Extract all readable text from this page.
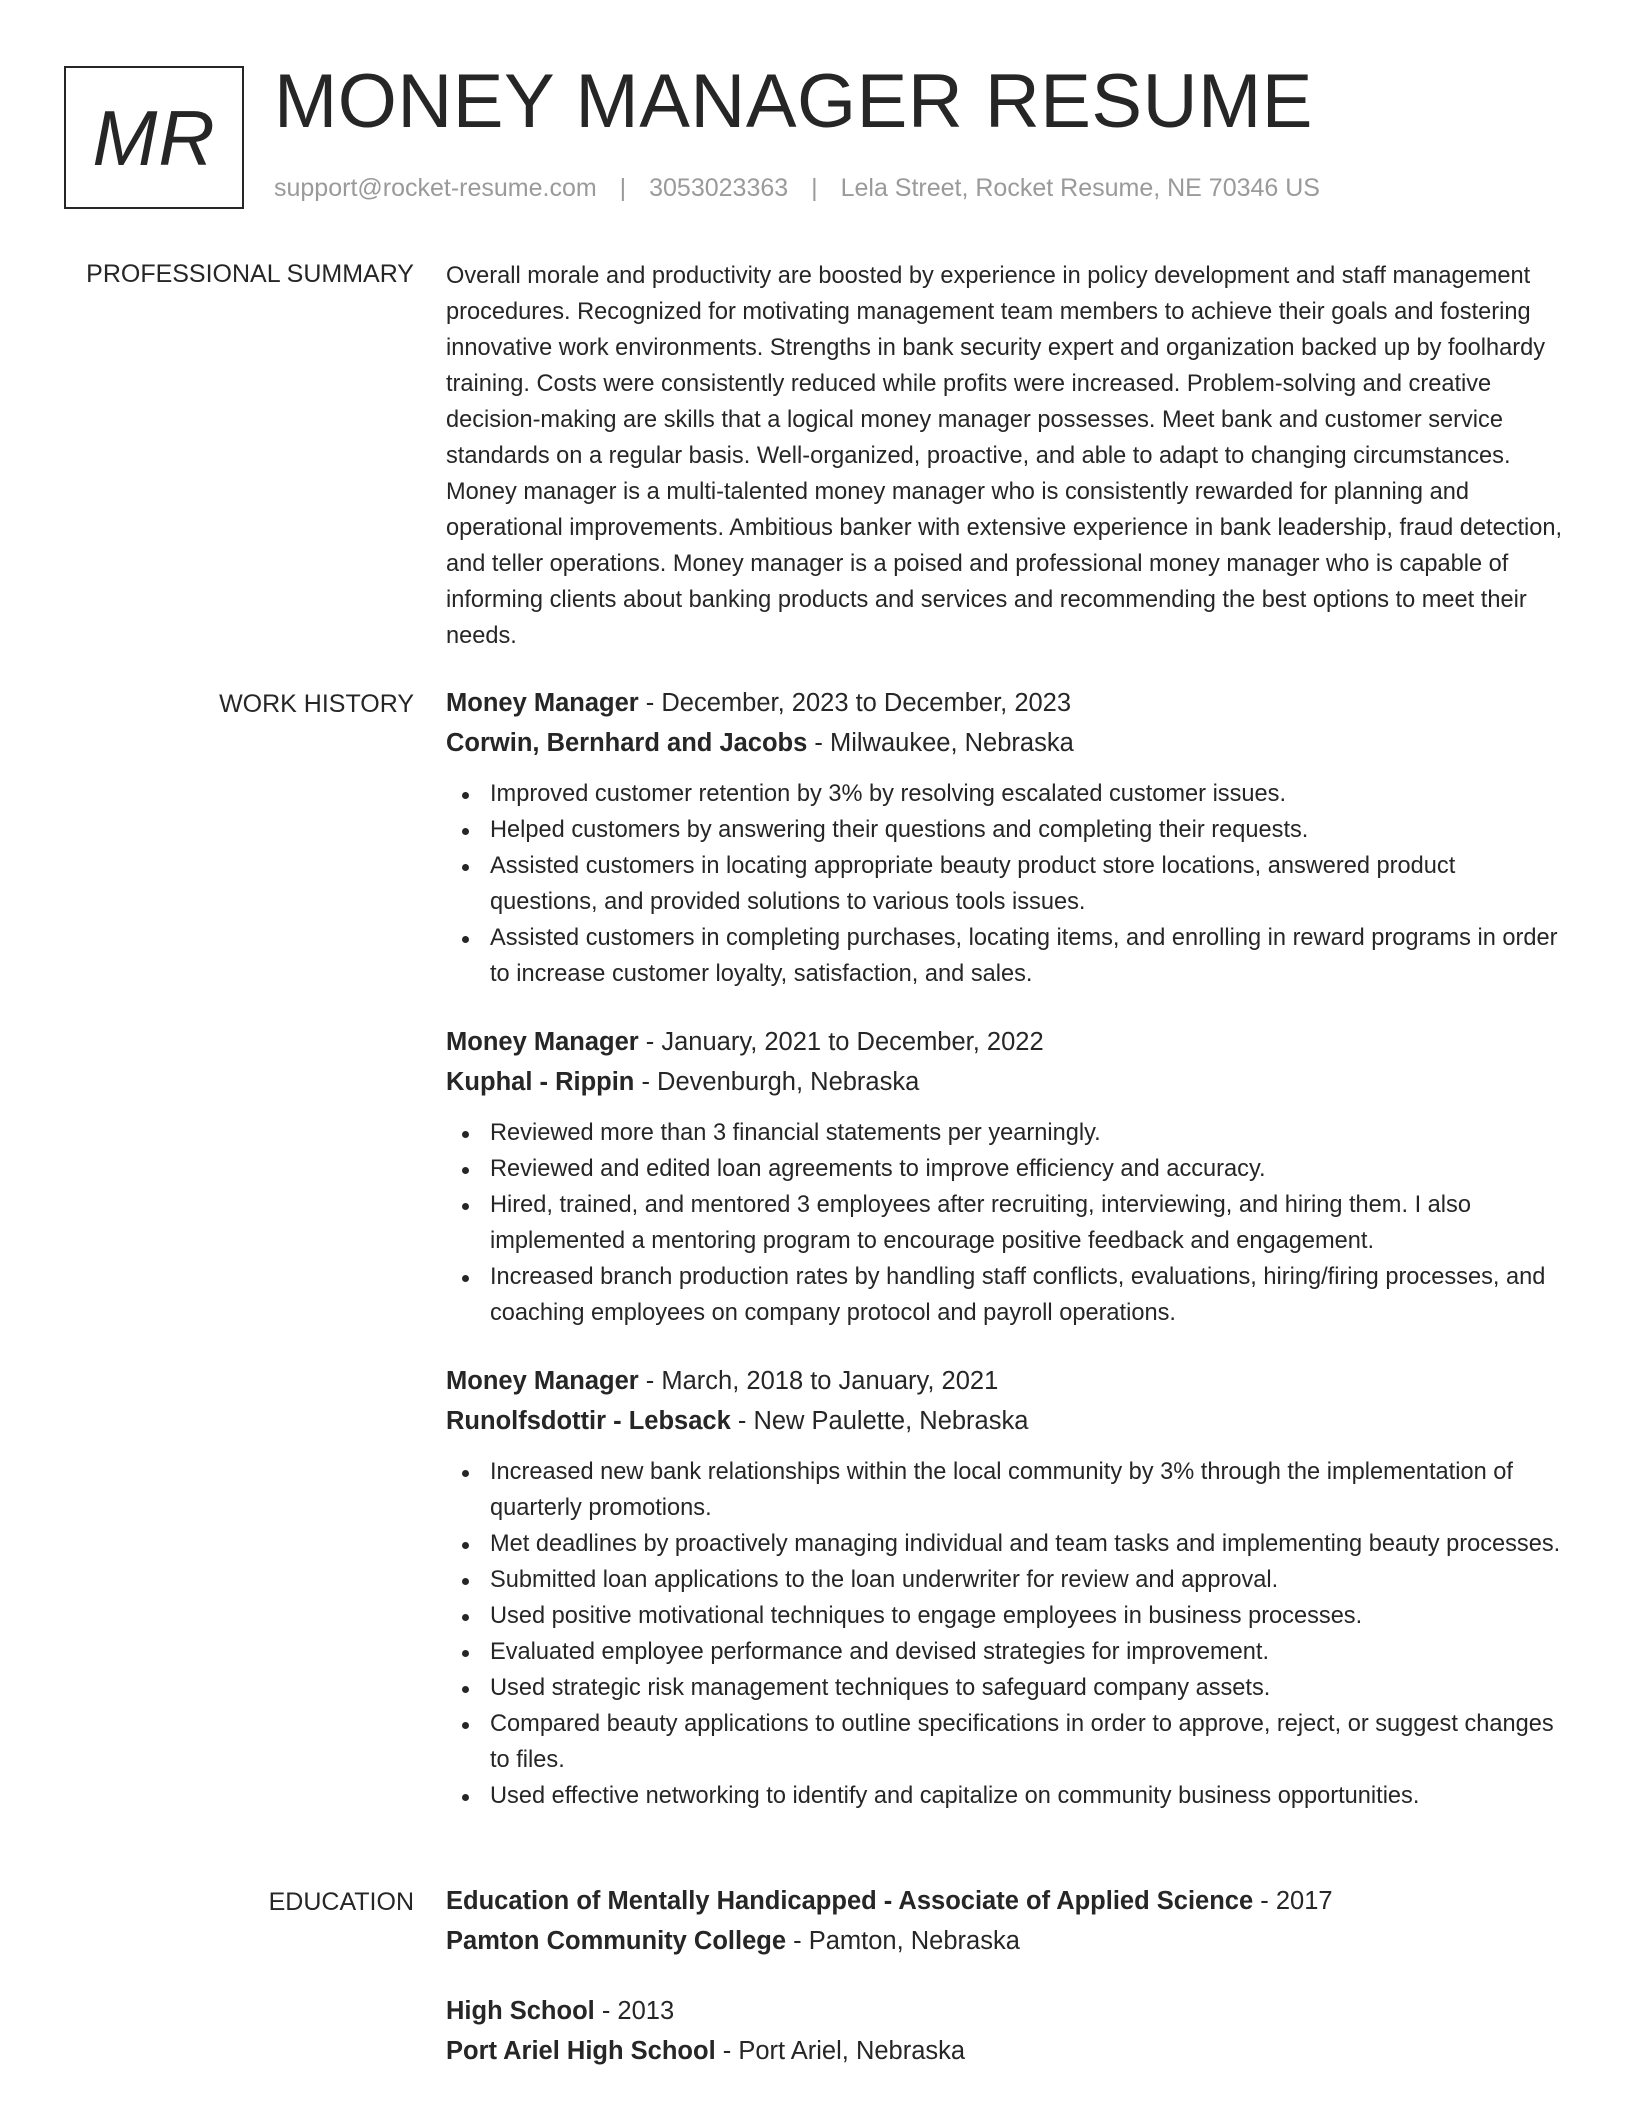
MR MONEY MANAGER RESUME
support@rocket-resume.com | 3053023363 | Lela Street, Rocket Resume, NE 70346 US
PROFESSIONAL SUMMARY Overall morale and productivity are boosted by experience in policy development and staff management procedures. Recognized for motivating management team members to achieve their goals and fostering innovative work environments. Strengths in bank security expert and organization backed up by foolhardy training. Costs were consistently reduced while profits were increased. Problem-solving and creative decision-making are skills that a logical money manager possesses. Meet bank and customer service standards on a regular basis. Well-organized, proactive, and able to adapt to changing circumstances. Money manager is a multi-talented money manager who is consistently rewarded for planning and operational improvements. Ambitious banker with extensive experience in bank leadership, fraud detection, and teller operations. Money manager is a poised and professional money manager who is capable of informing clients about banking products and services and recommending the best options to meet their needs.

WORK HISTORY Money Manager - December, 2023 to December, 2023
Corwin, Bernhard and Jacobs - Milwaukee, Nebraska
Improved customer retention by 3% by resolving escalated customer issues.
Helped customers by answering their questions and completing their requests.
Assisted customers in locating appropriate beauty product store locations, answered product questions, and provided solutions to various tools issues.
Assisted customers in completing purchases, locating items, and enrolling in reward programs in order to increase customer loyalty, satisfaction, and sales.
Money Manager - January, 2021 to December, 2022
Kuphal - Rippin - Devenburgh, Nebraska
Reviewed more than 3 financial statements per yearningly.
Reviewed and edited loan agreements to improve efficiency and accuracy.
Hired, trained, and mentored 3 employees after recruiting, interviewing, and hiring them. I also implemented a mentoring program to encourage positive feedback and engagement.
Increased branch production rates by handling staff conflicts, evaluations, hiring/firing processes, and coaching employees on company protocol and payroll operations.
Money Manager - March, 2018 to January, 2021
Runolfsdottir - Lebsack - New Paulette, Nebraska
Increased new bank relationships within the local community by 3% through the implementation of quarterly promotions.
Met deadlines by proactively managing individual and team tasks and implementing beauty processes.
Submitted loan applications to the loan underwriter for review and approval.
Used positive motivational techniques to engage employees in business processes.
Evaluated employee performance and devised strategies for improvement.
Used strategic risk management techniques to safeguard company assets.
Compared beauty applications to outline specifications in order to approve, reject, or suggest changes to files.
Used effective networking to identify and capitalize on community business opportunities.
EDUCATION Education of Mentally Handicapped - Associate of Applied Science - 2017
Pamton Community College - Pamton, Nebraska
High School - 2013
Port Ariel High School - Port Ariel, Nebraska
